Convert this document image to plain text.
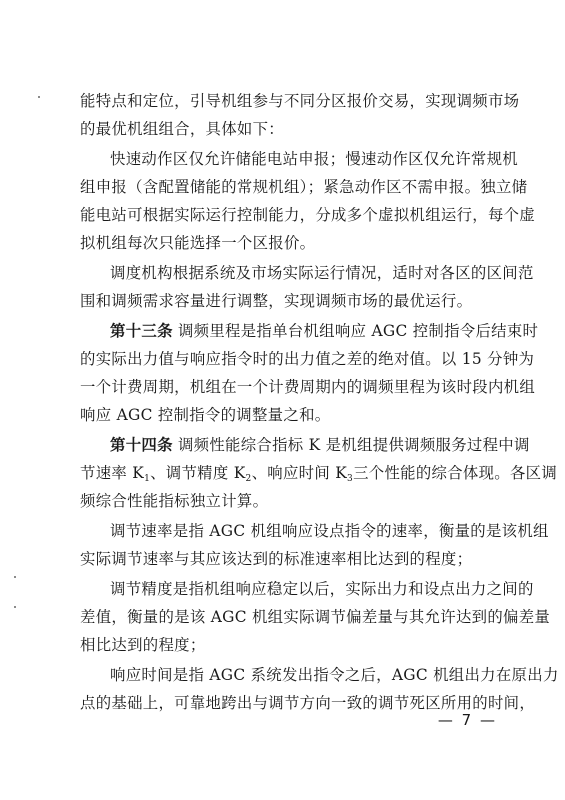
能特点和定位，引导机组参与不同分区报价交易，实现调频市场
的最优机组组合，具体如下：
快速动作区仅允许储能电站申报；慢速动作区仅允许常规机
组申报（含配置储能的常规机组）；紧急动作区不需申报。独立储
能电站可根据实际运行控制能力，分成多个虚拟机组运行，每个虚
拟机组每次只能选择一个区报价。
调度机构根据系统及市场实际运行情况，适时对各区的区间范
围和调频需求容量进行调整，实现调频市场的最优运行。
第十三条 调频里程是指单台机组响应 AGC 控制指令后结束时
的实际出力值与响应指令时的出力值之差的绝对值。以 15 分钟为
一个计费周期，机组在一个计费周期内的调频里程为该时段内机组
响应 AGC 控制指令的调整量之和。
第十四条 调频性能综合指标 K 是机组提供调频服务过程中调
节速率 $K_1$、调节精度 $K_2$、响应时间 $K_3$三个性能的综合体现。各区调
频综合性能指标独立计算。
调节速率是指 AGC 机组响应设点指令的速率，衡量的是该机组
实际调节速率与其应该达到的标准速率相比达到的程度；
调节精度是指机组响应稳定以后，实际出力和设点出力之间的
差值，衡量的是该 AGC 机组实际调节偏差量与其允许达到的偏差量
相比达到的程度；
响应时间是指 AGC 系统发出指令之后，AGC 机组出力在原出力
点的基础上，可靠地跨出与调节方向一致的调节死区所用的时间，
— 7 —
